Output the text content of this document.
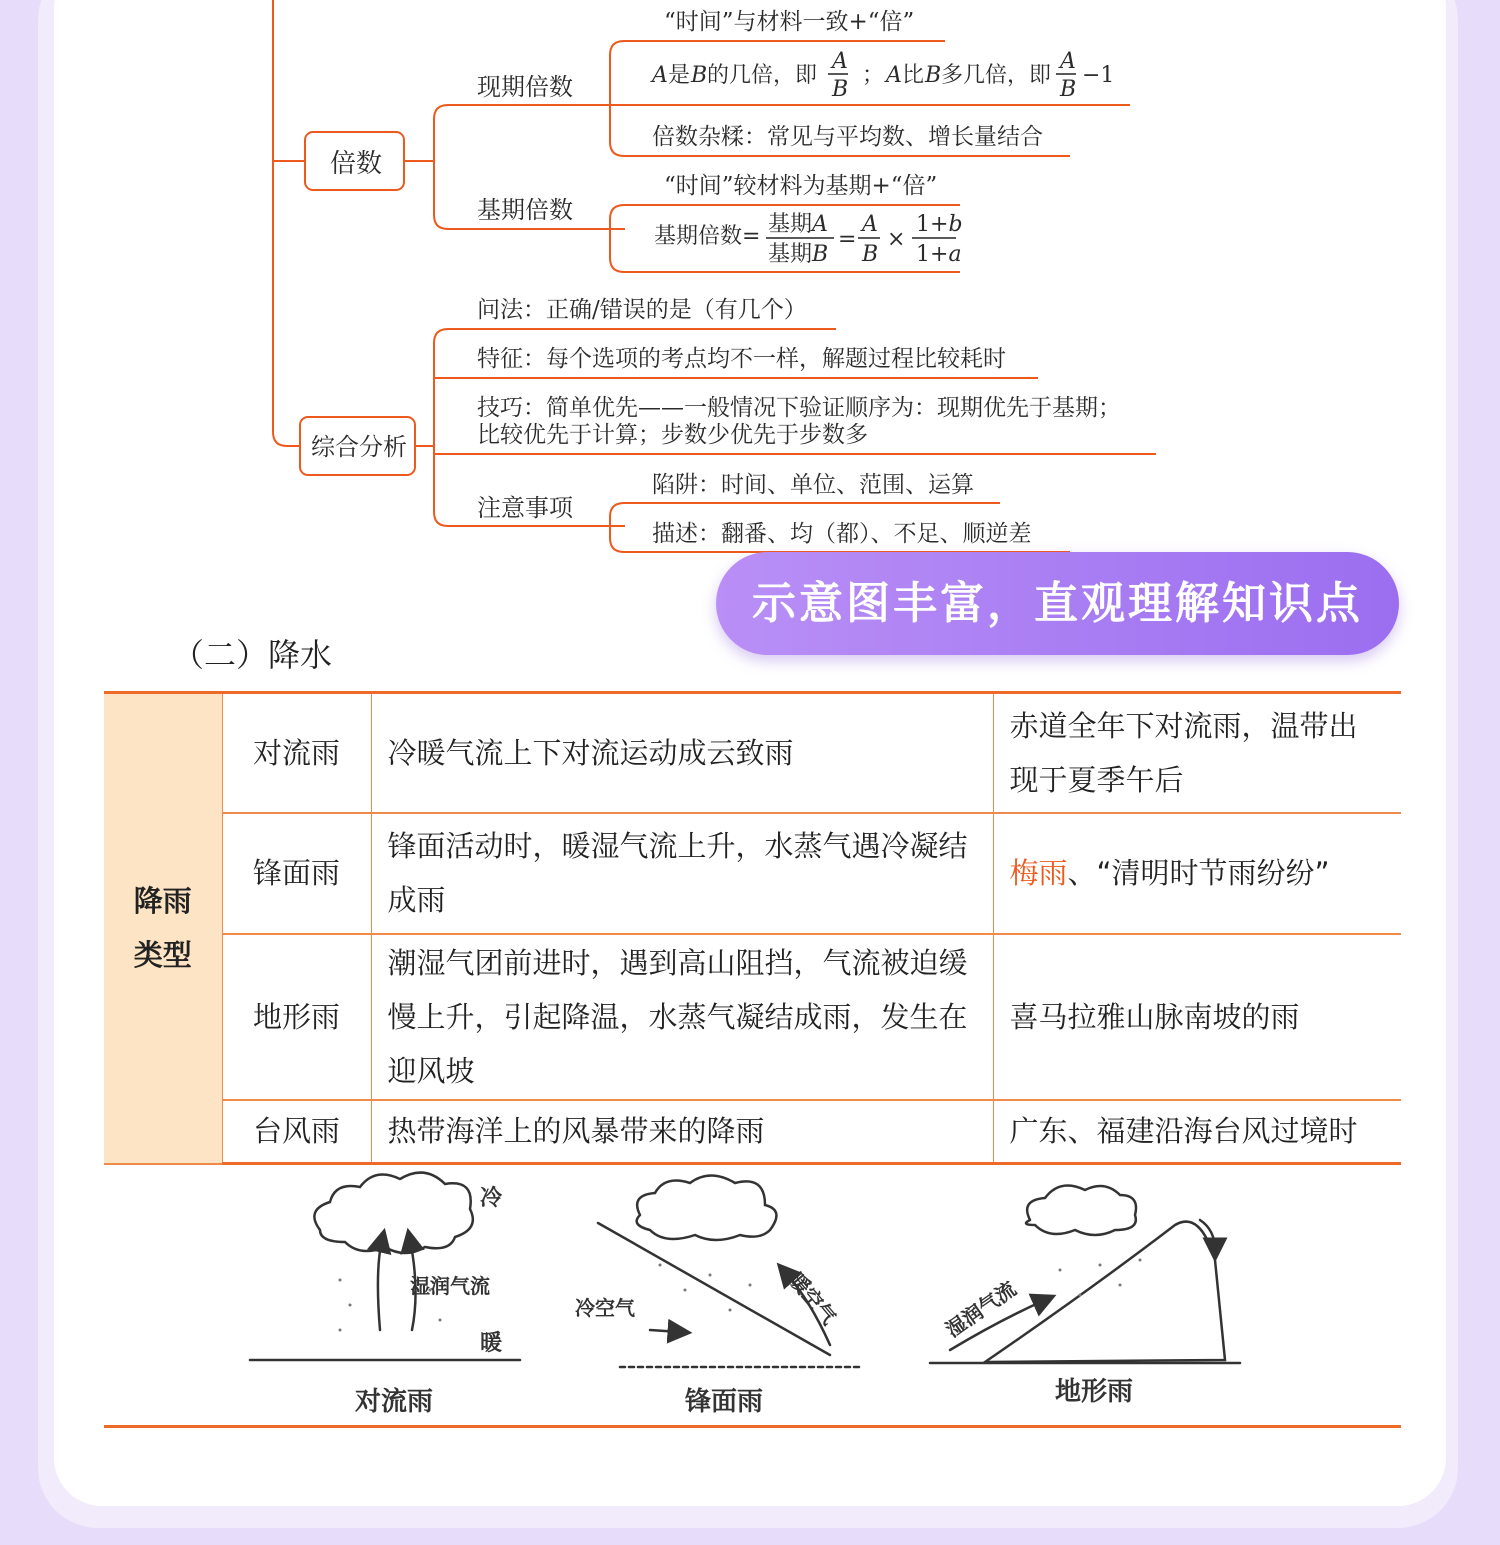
倍数
现期倍数
基期倍数
“时间”与材料一致+“倍”
A 是 B 的几倍，即
A
B
； A 比 B 多几倍，即
A
B
−1
倍数杂糅：常见与平均数、增长量结合
“时间”较材料为基期+“倍”
基期倍数= 基期A
基期B
=
A
B
×
1+b
1+a
综合分析
问法：正确/错误的是（有几个）
特征：每个选项的考点均不一样，解题过程比较耗时
技巧：简单优先——一般情况下验证顺序为：现期优先于基期；
比较优先于计算；步数少优先于步数多
注意事项
陷阱：时间、单位、范围、运算
描述：翻番、均（都）、不足、顺逆差
示意图丰富，直观理解知识点
（二）降水
降雨
类型	对流雨	冷暖气流上下对流运动成云致雨	赤道全年下对流雨，温带出现于夏季午后
	锋面雨	锋面活动时，暖湿气流上升，水蒸气遇冷凝结成雨	梅雨、“清明时节雨纷纷”
	地形雨	潮湿气团前进时，遇到高山阻挡，气流被迫缓慢上升，引起降温，水蒸气凝结成雨，发生在迎风坡	喜马拉雅山脉南坡的雨
	台风雨	热带海洋上的风暴带来的降雨	广东、福建沿海台风过境时
冷
暖
湿润气流
对流雨
冷空气	暖空气
锋面雨
湿润气流
地形雨
